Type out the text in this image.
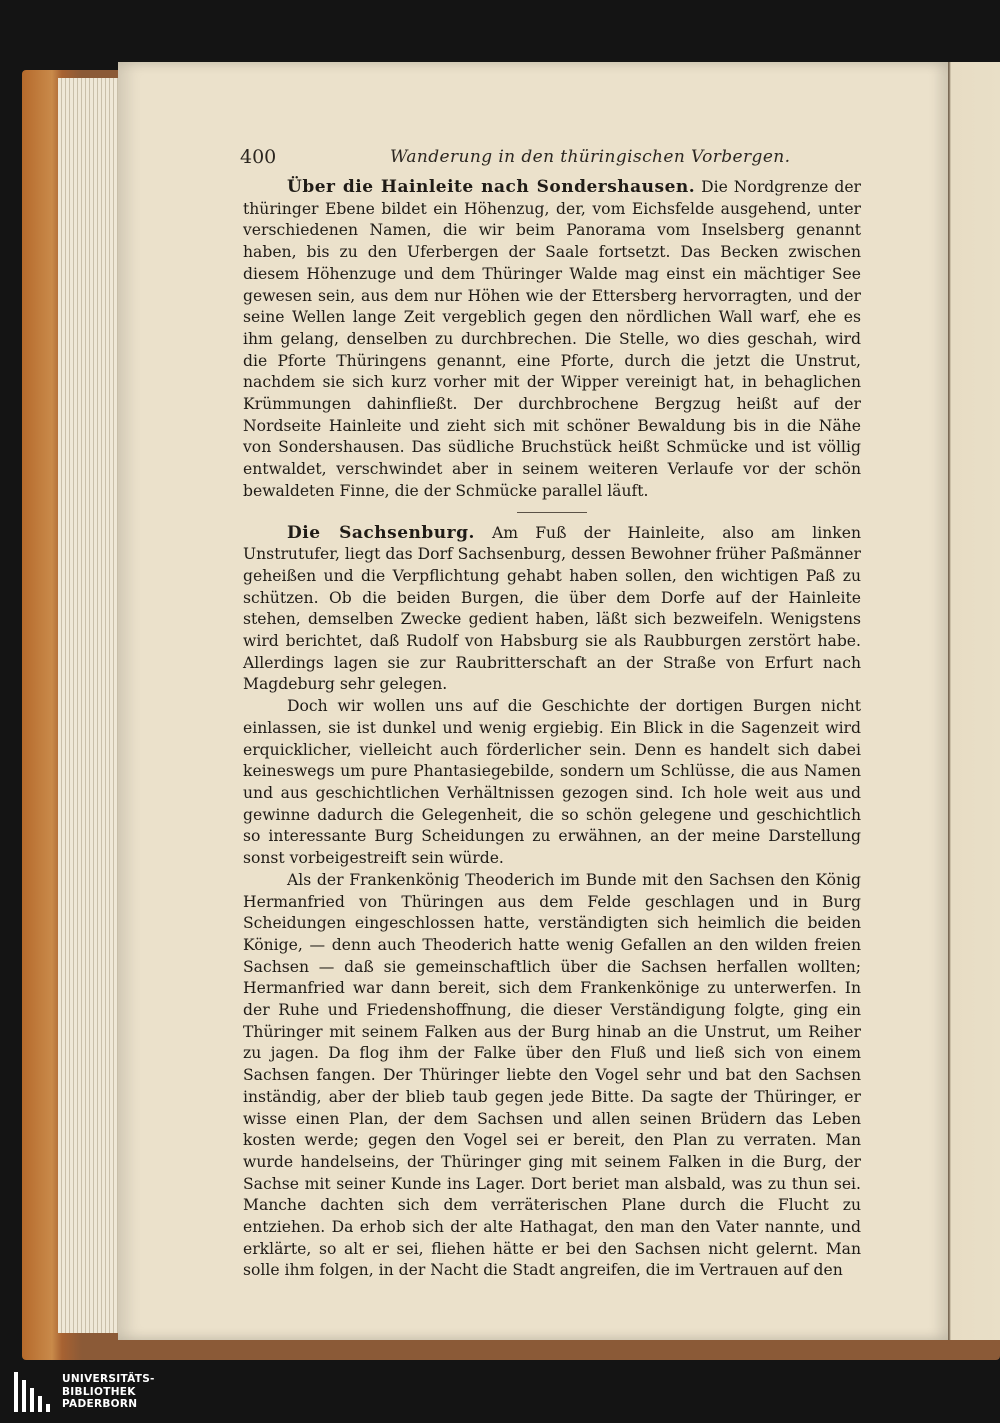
400	Wanderung in den thüringischen Vorbergen.

Über die Hainleite nach Sondershausen. Die Nordgrenze der thüringer Ebene bildet ein Höhenzug, der, vom Eichsfelde ausgehend, unter verschiedenen Namen, die wir beim Panorama vom Inselsberg genannt haben, bis zu den Uferbergen der Saale fortsetzt. Das Becken zwischen diesem Höhenzuge und dem Thüringer Walde mag einst ein mächtiger See gewesen sein, aus dem nur Höhen wie der Ettersberg hervorragten, und der seine Wellen lange Zeit vergeblich gegen den nördlichen Wall warf, ehe es ihm gelang, denselben zu durchbrechen. Die Stelle, wo dies geschah, wird die Pforte Thüringens genannt, eine Pforte, durch die jetzt die Unstrut, nachdem sie sich kurz vorher mit der Wipper vereinigt hat, in behaglichen Krümmungen dahinfließt. Der durchbrochene Bergzug heißt auf der Nordseite Hainleite und zieht sich mit schöner Bewaldung bis in die Nähe von Sondershausen. Das südliche Bruchstück heißt Schmücke und ist völlig entwaldet, verschwindet aber in seinem weiteren Verlaufe vor der schön bewaldeten Finne, die der Schmücke parallel läuft.

Die Sachsenburg. Am Fuß der Hainleite, also am linken Unstrutufer, liegt das Dorf Sachsenburg, dessen Bewohner früher Paßmänner geheißen und die Verpflichtung gehabt haben sollen, den wichtigen Paß zu schützen. Ob die beiden Burgen, die über dem Dorfe auf der Hainleite stehen, demselben Zwecke gedient haben, läßt sich bezweifeln. Wenigstens wird berichtet, daß Rudolf von Habsburg sie als Raubburgen zerstört habe. Allerdings lagen sie zur Raubritterschaft an der Straße von Erfurt nach Magdeburg sehr gelegen.

Doch wir wollen uns auf die Geschichte der dortigen Burgen nicht einlassen, sie ist dunkel und wenig ergiebig. Ein Blick in die Sagenzeit wird erquicklicher, vielleicht auch förderlicher sein. Denn es handelt sich dabei keineswegs um pure Phantasiegebilde, sondern um Schlüsse, die aus Namen und aus geschichtlichen Verhältnissen gezogen sind. Ich hole weit aus und gewinne dadurch die Gelegenheit, die so schön gelegene und geschichtlich so interessante Burg Scheidungen zu erwähnen, an der meine Darstellung sonst vorbeigestreift sein würde.

Als der Frankenkönig Theoderich im Bunde mit den Sachsen den König Hermanfried von Thüringen aus dem Felde geschlagen und in Burg Scheidungen eingeschlossen hatte, verständigten sich heimlich die beiden Könige, — denn auch Theoderich hatte wenig Gefallen an den wilden freien Sachsen — daß sie gemeinschaftlich über die Sachsen herfallen wollten; Hermanfried war dann bereit, sich dem Frankenkönige zu unterwerfen. In der Ruhe und Friedenshoffnung, die dieser Verständigung folgte, ging ein Thüringer mit seinem Falken aus der Burg hinab an die Unstrut, um Reiher zu jagen. Da flog ihm der Falke über den Fluß und ließ sich von einem Sachsen fangen. Der Thüringer liebte den Vogel sehr und bat den Sachsen inständig, aber der blieb taub gegen jede Bitte. Da sagte der Thüringer, er wisse einen Plan, der dem Sachsen und allen seinen Brüdern das Leben kosten werde; gegen den Vogel sei er bereit, den Plan zu verraten. Man wurde handelseins, der Thüringer ging mit seinem Falken in die Burg, der Sachse mit seiner Kunde ins Lager. Dort beriet man alsbald, was zu thun sei. Manche dachten sich dem verräterischen Plane durch die Flucht zu entziehen. Da erhob sich der alte Hathagat, den man den Vater nannte, und erklärte, so alt er sei, fliehen hätte er bei den Sachsen nicht gelernt. Man solle ihm folgen, in der Nacht die Stadt angreifen, die im Vertrauen auf den

UNIVERSITÄTS-
BIBLIOTHEK
PADERBORN
